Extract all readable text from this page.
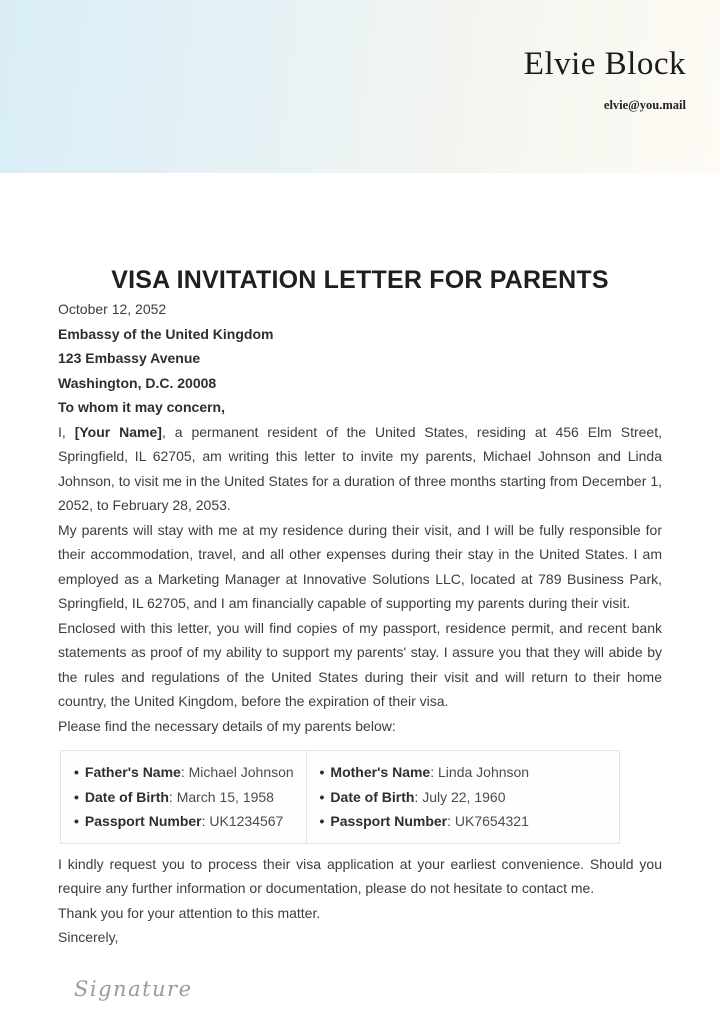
Elvie Block
elvie@you.mail
VISA INVITATION LETTER FOR PARENTS
October 12, 2052
Embassy of the United Kingdom
123 Embassy Avenue
Washington, D.C. 20008
To whom it may concern,

I, [Your Name], a permanent resident of the United States, residing at 456 Elm Street, Springfield, IL 62705, am writing this letter to invite my parents, Michael Johnson and Linda Johnson, to visit me in the United States for a duration of three months starting from December 1, 2052, to February 28, 2053.

My parents will stay with me at my residence during their visit, and I will be fully responsible for their accommodation, travel, and all other expenses during their stay in the United States. I am employed as a Marketing Manager at Innovative Solutions LLC, located at 789 Business Park, Springfield, IL 62705, and I am financially capable of supporting my parents during their visit.

Enclosed with this letter, you will find copies of my passport, residence permit, and recent bank statements as proof of my ability to support my parents' stay. I assure you that they will abide by the rules and regulations of the United States during their visit and will return to their home country, the United Kingdom, before the expiration of their visa.

Please find the necessary details of my parents below:

• Father's Name: Michael Johnson
• Date of Birth: March 15, 1958
• Passport Number: UK1234567
• Mother's Name: Linda Johnson
• Date of Birth: July 22, 1960
• Passport Number: UK7654321

I kindly request you to process their visa application at your earliest convenience. Should you require any further information or documentation, please do not hesitate to contact me.

Thank you for your attention to this matter.
Sincerely,
Signature
